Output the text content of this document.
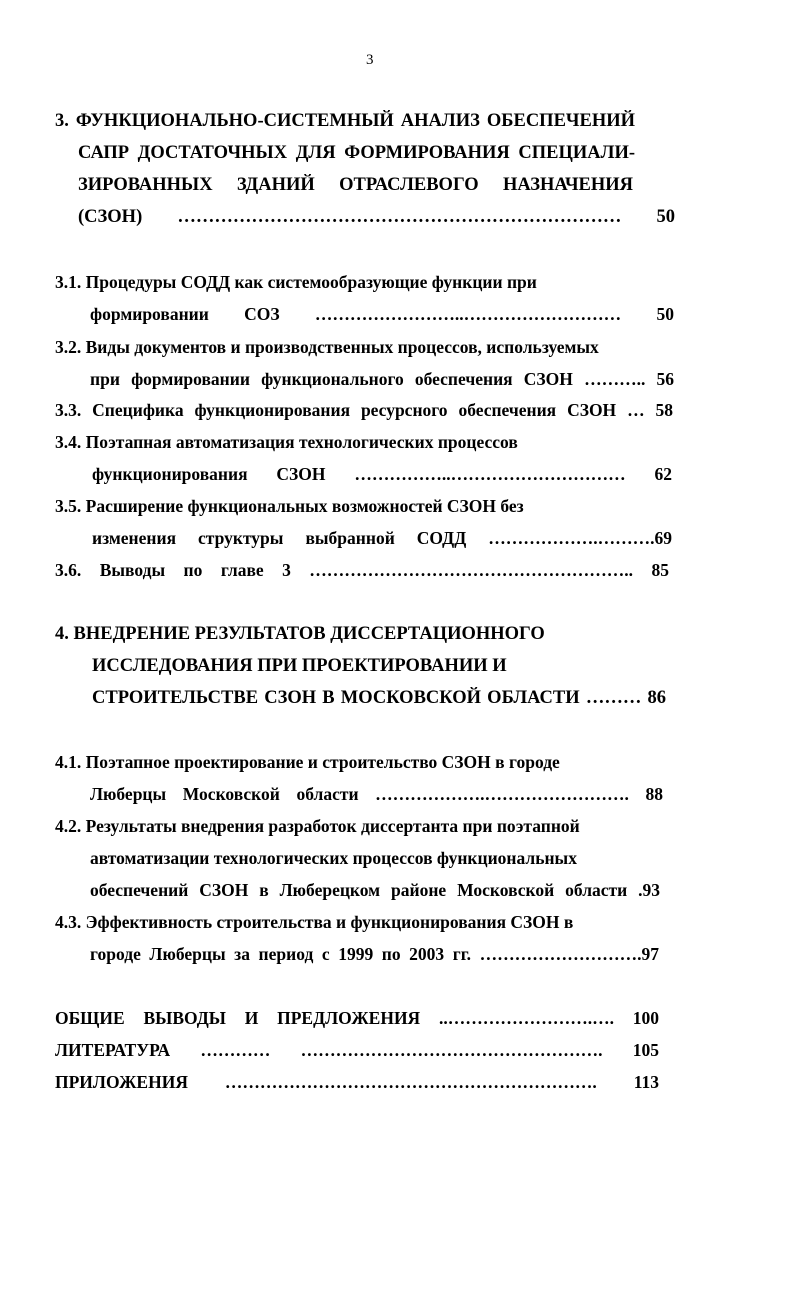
3
3. ФУНКЦИОНАЛЬНО-СИСТЕМНЫЙ АНАЛИЗ ОБЕСПЕЧЕНИЙ
САПР ДОСТАТОЧНЫХ ДЛЯ ФОРМИРОВАНИЯ СПЕЦИАЛИ-
ЗИРОВАННЫХ ЗДАНИЙ ОТРАСЛЕВОГО НАЗНАЧЕНИЯ
(СЗОН) ……………………………………………………………… 50
3.1. Процедуры СОДД как системообразующие функции при
формировании СОЗ ……………………..……………………… 50
3.2. Виды документов и производственных процессов, используемых
при формировании функционального обеспечения СЗОН ……….. 56
3.3. Специфика функционирования ресурсного обеспечения СЗОН … 58
3.4. Поэтапная автоматизация технологических процессов
функционирования СЗОН ……………..………………………… 62
3.5. Расширение функциональных возможностей СЗОН без
изменения структуры выбранной СОДД ……………….……….69
3.6. Выводы по главе 3 ……………………………………………….. 85
4. ВНЕДРЕНИЕ РЕЗУЛЬТАТОВ ДИССЕРТАЦИОННОГО
ИССЛЕДОВАНИЯ ПРИ ПРОЕКТИРОВАНИИ И
СТРОИТЕЛЬСТВЕ СЗОН В МОСКОВСКОЙ ОБЛАСТИ ……… 86
4.1. Поэтапное проектирование и строительство СЗОН в городе
Люберцы Московской области ……………….……………………. 88
4.2. Результаты внедрения разработок диссертанта при поэтапной
автоматизации технологических процессов функциональных
обеспечений СЗОН в Люберецком районе Московской области .93
4.3. Эффективность строительства и функционирования СЗОН в
городе Люберцы за период с 1999 по 2003 гг. ……………………….97
ОБЩИЕ ВЫВОДЫ И ПРЕДЛОЖЕНИЯ ..…………………….…. 100
ЛИТЕРАТУРА ………… ……………………………………………. 105
ПРИЛОЖЕНИЯ ………………………………………………………. 113
